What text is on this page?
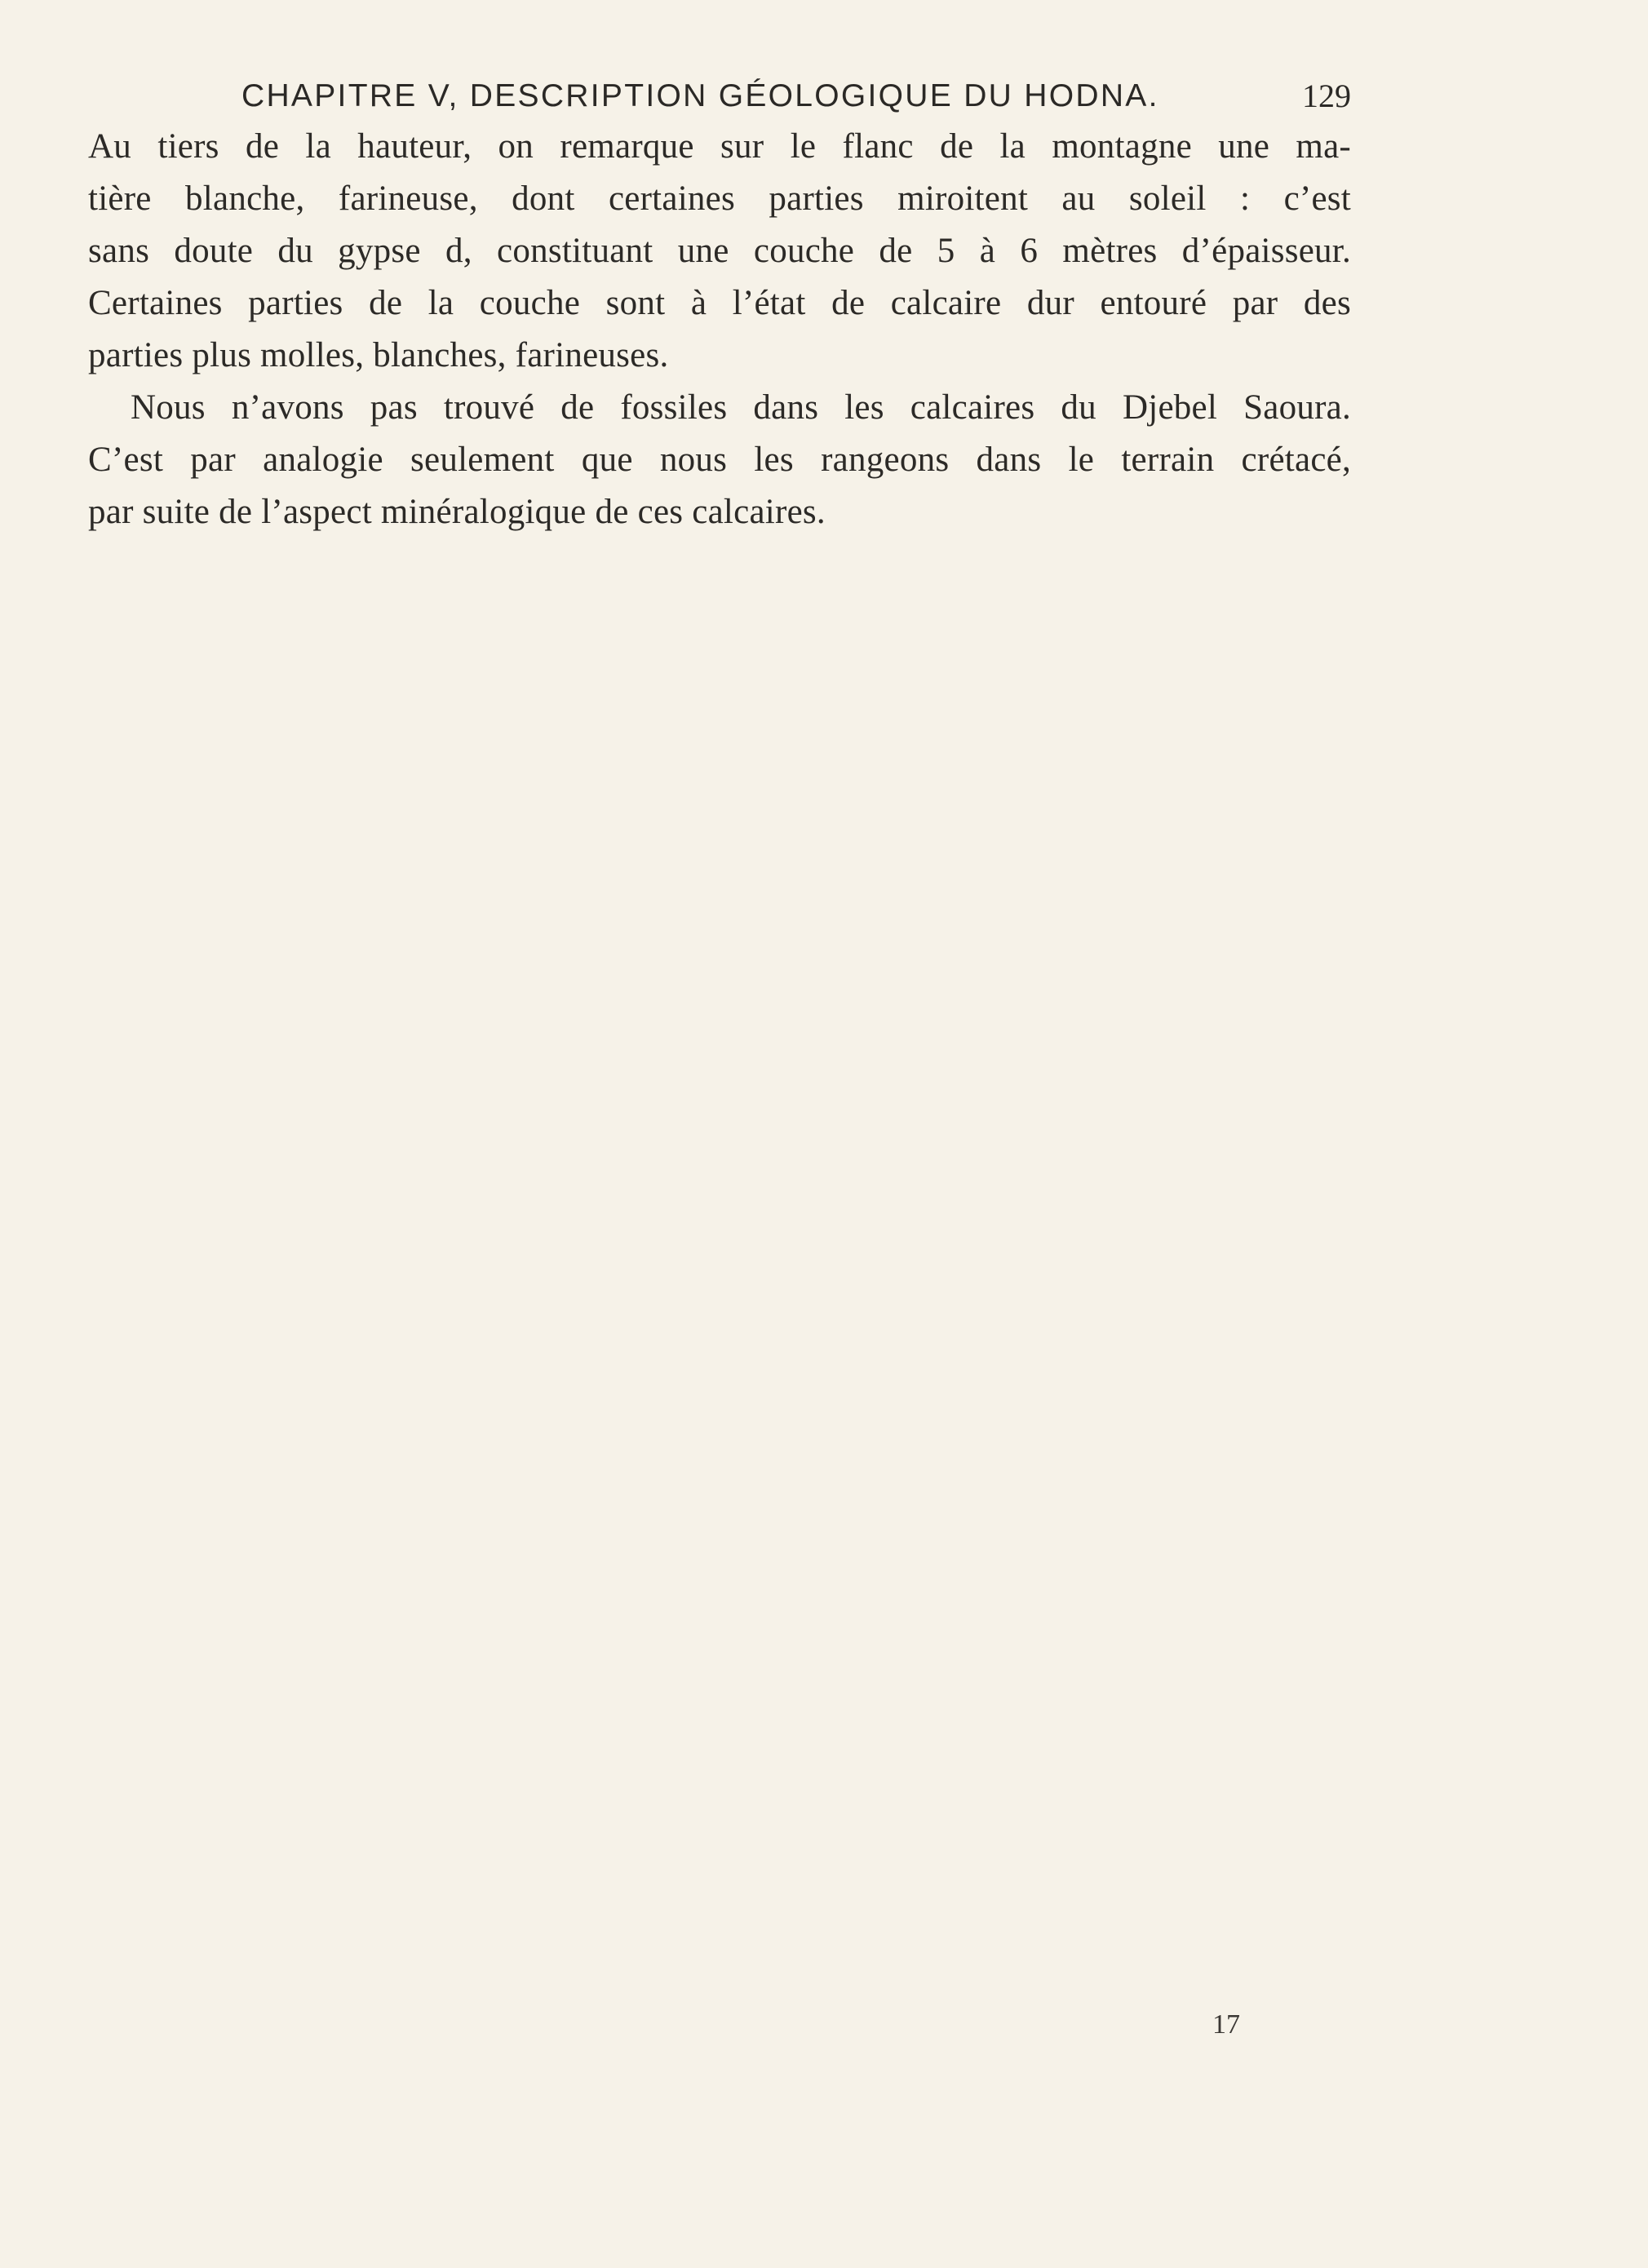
CHAPITRE V, DESCRIPTION GÉOLOGIQUE DU HODNA.	129

Au tiers de la hauteur, on remarque sur le flanc de la montagne une ma-
tière blanche, farineuse, dont certaines parties miroitent au soleil : c’est
sans doute du gypse d, constituant une couche de 5 à 6 mètres d’épaisseur.
Certaines parties de la couche sont à l’état de calcaire dur entouré par des
parties plus molles, blanches, farineuses.

Nous n’avons pas trouvé de fossiles dans les calcaires du Djebel Saoura.
C’est par analogie seulement que nous les rangeons dans le terrain crétacé,
par suite de l’aspect minéralogique de ces calcaires.

17
